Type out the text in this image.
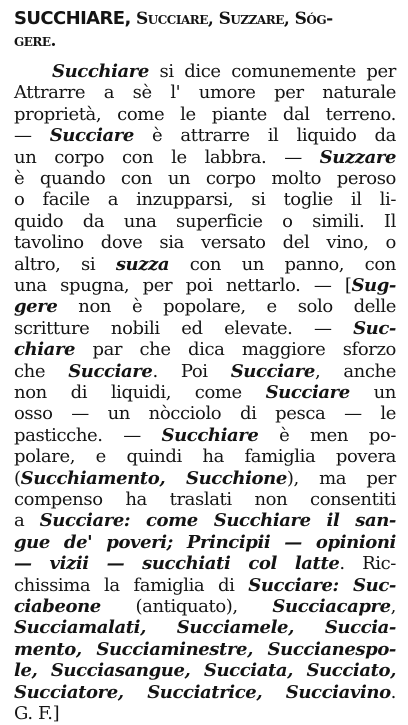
SUCCHIARE, Succiare, Suzzare, Sóg-
gere.
Succhiare si dice comunemente per
Attrarre a sè l' umore per naturale
proprietà, come le piante dal terreno.
— Succiare è attrarre il liquido da
un corpo con le labbra. — Suzzare
è quando con un corpo molto peroso
o facile a inzupparsi, si toglie il li-
quido da una superficie o simili. Il
tavolino dove sia versato del vino, o
altro, si suzza con un panno, con
una spugna, per poi nettarlo. — [Sug-
gere non è popolare, e solo delle
scritture nobili ed elevate. — Suc-
chiare par che dica maggiore sforzo
che Succiare. Poi Succiare, anche
non di liquidi, come Succiare un
osso — un nòcciolo di pesca — le
pasticche. — Succhiare è men po-
polare, e quindi ha famiglia povera
(Succhiamento, Succhione), ma per
compenso ha traslati non consentiti
a Succiare: come Succhiare il san-
gue de' poveri; Principii — opinioni
— vizii — succhiati col latte. Ric-
chissima la famiglia di Succiare: Suc-
ciabeone (antiquato), Succiacapre,
Succiamalati, Succiamele, Succia-
mento, Succiaminestre, Succianespo-
le, Succiasangue, Succiata, Succiato,
Succiatore, Succiatrice, Succiavino.
G. F.]
